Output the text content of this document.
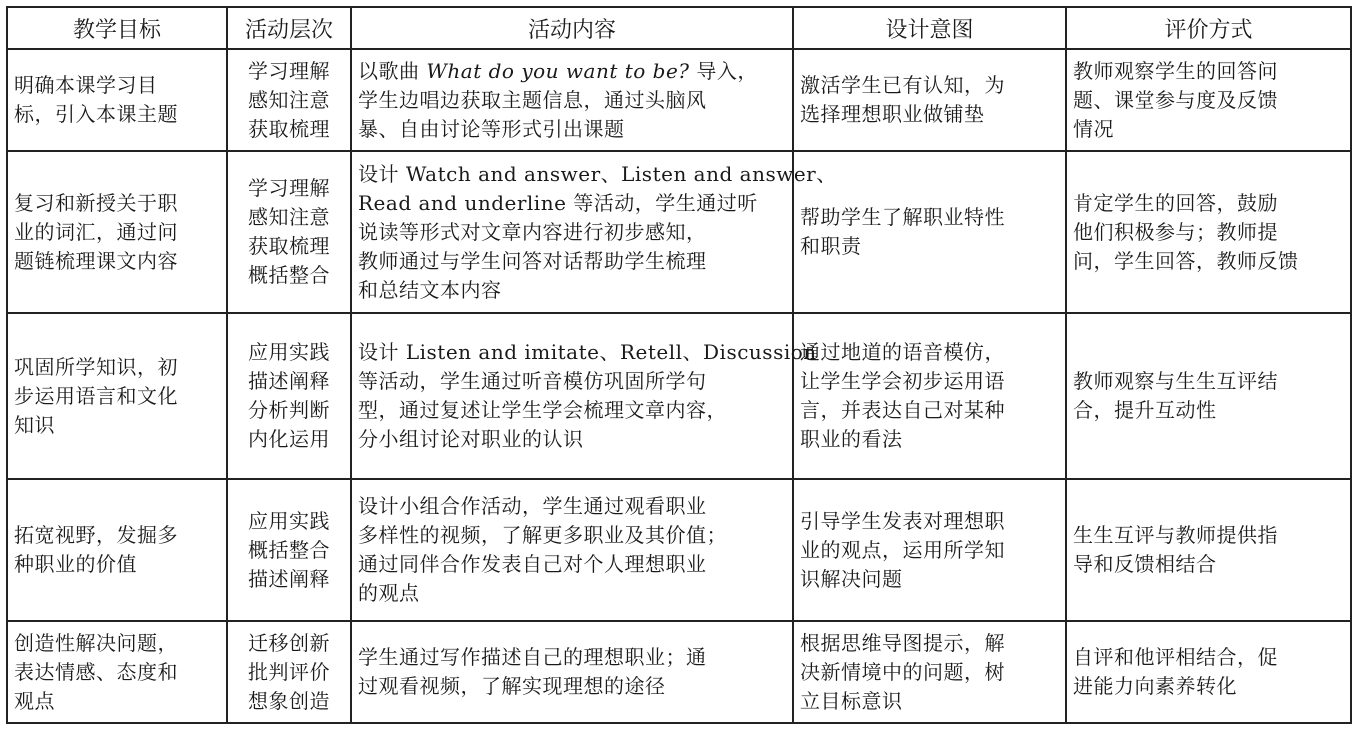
教学目标	活动层次	活动内容	设计意图	评价方式

明确本课学习目
标，引入本课主题	学习理解
感知注意
获取梳理	以歌曲 What do you want to be? 导入，
学生边唱边获取主题信息，通过头脑风
暴、自由讨论等形式引出课题	激活学生已有认知，为
选择理想职业做铺垫	教师观察学生的回答问
题、课堂参与度及反馈
情况

复习和新授关于职
业的词汇，通过问
题链梳理课文内容	学习理解
感知注意
获取梳理
概括整合	设计 Watch and answer、Listen and answer、
Read and underline 等活动，学生通过听
说读等形式对文章内容进行初步感知，
教师通过与学生问答对话帮助学生梳理
和总结文本内容	帮助学生了解职业特性
和职责	肯定学生的回答，鼓励
他们积极参与；教师提
问，学生回答，教师反馈

巩固所学知识，初
步运用语言和文化
知识	应用实践
描述阐释
分析判断
内化运用	设计 Listen and imitate、Retell、Discussion
等活动，学生通过听音模仿巩固所学句
型，通过复述让学生学会梳理文章内容，
分小组讨论对职业的认识	通过地道的语音模仿，
让学生学会初步运用语
言，并表达自己对某种
职业的看法	教师观察与生生互评结
合，提升互动性

拓宽视野，发掘多
种职业的价值	应用实践
概括整合
描述阐释	设计小组合作活动，学生通过观看职业
多样性的视频，了解更多职业及其价值；
通过同伴合作发表自己对个人理想职业
的观点	引导学生发表对理想职
业的观点，运用所学知
识解决问题	生生互评与教师提供指
导和反馈相结合

创造性解决问题，
表达情感、态度和
观点	迁移创新
批判评价
想象创造	学生通过写作描述自己的理想职业；通
过观看视频，了解实现理想的途径	根据思维导图提示，解
决新情境中的问题，树
立目标意识	自评和他评相结合，促
进能力向素养转化
